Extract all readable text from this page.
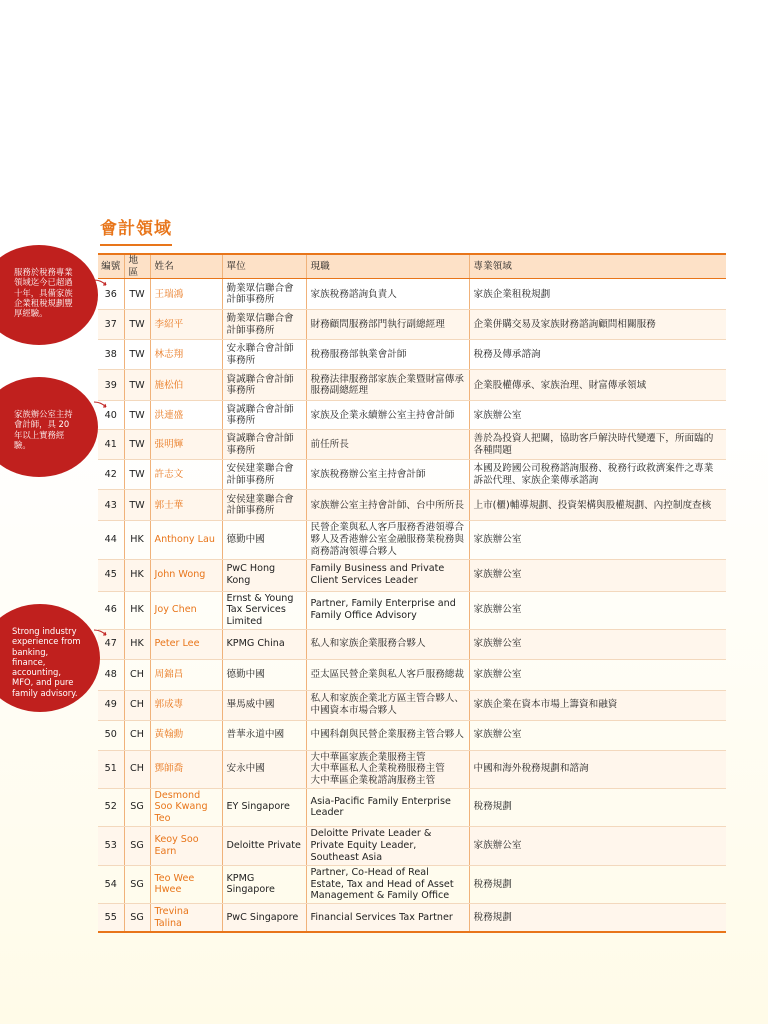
會計領域
編號	地區	姓名	單位	現職	專業領域
36	TW	王瑞鴻	勤業眾信聯合會計師事務所	家族稅務諮詢負責人	家族企業租稅規劃
37	TW	李紹平	勤業眾信聯合會計師事務所	財務顧問服務部門執行副總經理	企業併購交易及家族財務諮詢顧問相關服務
38	TW	林志翔	安永聯合會計師事務所	稅務服務部執業會計師	稅務及傳承諮詢
39	TW	施松伯	資誠聯合會計師事務所	稅務法律服務部家族企業暨財富傳承服務副總經理	企業股權傳承、家族治理、財富傳承領域
40	TW	洪連盛	資誠聯合會計師事務所	家族及企業永續辦公室主持會計師	家族辦公室
41	TW	張明輝	資誠聯合會計師事務所	前任所長	善於為投資人把關，協助客戶解決時代變遷下，所面臨的各種問題
42	TW	許志文	安侯建業聯合會計師事務所	家族稅務辦公室主持會計師	本國及跨國公司稅務諮詢服務、稅務行政救濟案件之專業訴訟代理、家族企業傳承諮詢
43	TW	郭士華	安侯建業聯合會計師事務所	家族辦公室主持會計師、台中所所長	上市(櫃)輔導規劃、投資架構與股權規劃、內控制度查核
44	HK	Anthony Lau	德勤中國	民營企業與私人客戶服務香港領導合夥人及香港辦公室金融服務業稅務與商務諮詢領導合夥人	家族辦公室
45	HK	John Wong	PwC Hong Kong	Family Business and Private Client Services Leader	家族辦公室
46	HK	Joy Chen	Ernst & Young Tax Services Limited	Partner, Family Enterprise and Family Office Advisory	家族辦公室
47	HK	Peter Lee	KPMG China	私人和家族企業服務合夥人	家族辦公室
48	CH	周錦昌	德勤中國	亞太區民營企業與私人客戶服務總裁	家族辦公室
49	CH	郭成專	畢馬威中國	私人和家族企業北方區主管合夥人、中國資本市場合夥人	家族企業在資本市場上籌資和融資
50	CH	黃翰勳	普華永道中國	中國科創與民營企業服務主管合夥人	家族辦公室
51	CH	鄧師喬	安永中國	大中華區家族企業服務主管
大中華區私人企業稅務服務主管
大中華區企業稅諮詢服務主管	中國和海外稅務規劃和諮詢
52	SG	Desmond Soo Kwang Teo	EY Singapore	Asia-Pacific Family Enterprise Leader	稅務規劃
53	SG	Keoy Soo Earn	Deloitte Private	Deloitte Private Leader & Private Equity Leader, Southeast Asia	家族辦公室
54	SG	Teo Wee Hwee	KPMG Singapore	Partner, Co-Head of Real Estate, Tax and Head of Asset Management & Family Office	稅務規劃
55	SG	Trevina Talina	PwC Singapore	Financial Services Tax Partner	稅務規劃
服務於稅務專業領域迄今已超過十年，具備家族企業租稅規劃豐厚經驗。
家族辦公室主持會計師，具 20年以上實務經驗。
Strong industry experience from banking, finance, accounting, MFO, and pure family advisory.
